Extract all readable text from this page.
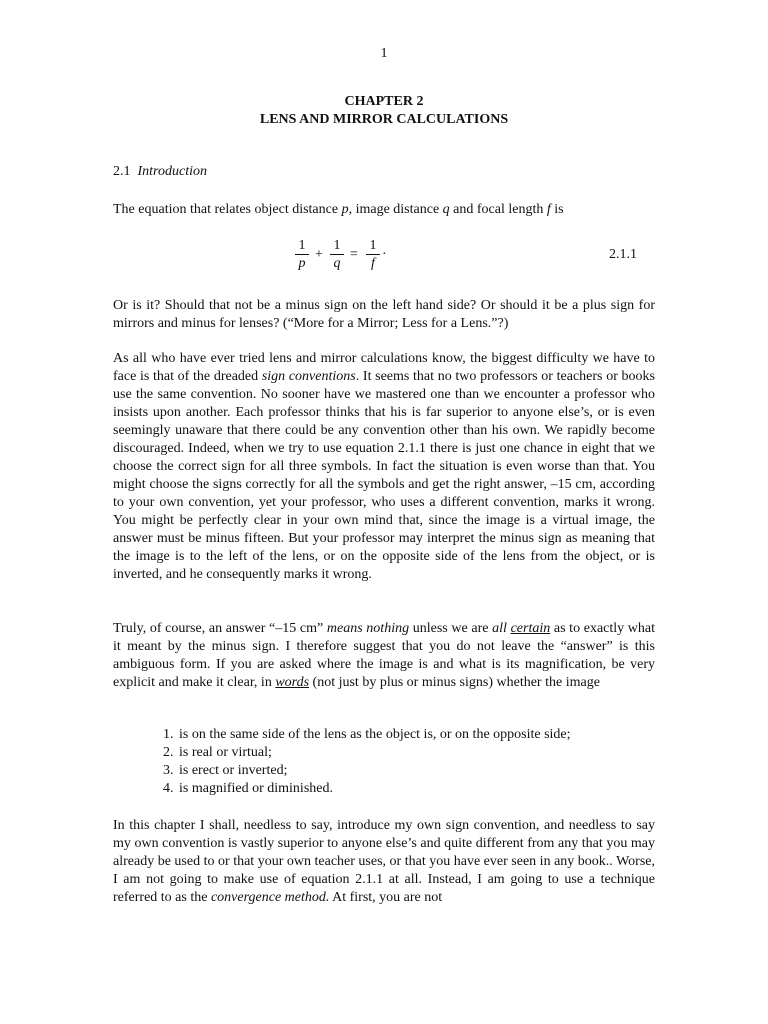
1
CHAPTER 2
LENS AND MIRROR CALCULATIONS
2.1 Introduction
The equation that relates object distance p, image distance q and focal length f is
1
p
+
1
q
=
1
f
·	2.1.1
Or is it? Should that not be a minus sign on the left hand side? Or should it be a plus sign for mirrors and minus for lenses? (“More for a Mirror; Less for a Lens.”?)
As all who have ever tried lens and mirror calculations know, the biggest difficulty we have to face is that of the dreaded sign conventions. It seems that no two professors or teachers or books use the same convention. No sooner have we mastered one than we encounter a professor who insists upon another. Each professor thinks that his is far superior to anyone else’s, or is even seemingly unaware that there could be any convention other than his own. We rapidly become discouraged. Indeed, when we try to use equation 2.1.1 there is just one chance in eight that we choose the correct sign for all three symbols. In fact the situation is even worse than that. You might choose the signs correctly for all the symbols and get the right answer, –15 cm, according to your own convention, yet your professor, who uses a different convention, marks it wrong. You might be perfectly clear in your own mind that, since the image is a virtual image, the answer must be minus fifteen. But your professor may interpret the minus sign as meaning that the image is to the left of the lens, or on the opposite side of the lens from the object, or is inverted, and he consequently marks it wrong.
Truly, of course, an answer “–15 cm” means nothing unless we are all certain as to exactly what it meant by the minus sign. I therefore suggest that you do not leave the “answer” is this ambiguous form. If you are asked where the image is and what is its magnification, be very explicit and make it clear, in words (not just by plus or minus signs) whether the image
1. is on the same side of the lens as the object is, or on the opposite side;
2. is real or virtual;
3. is erect or inverted;
4. is magnified or diminished.
In this chapter I shall, needless to say, introduce my own sign convention, and needless to say my own convention is vastly superior to anyone else’s and quite different from any that you may already be used to or that your own teacher uses, or that you have ever seen in any book.. Worse, I am not going to make use of equation 2.1.1 at all. Instead, I am going to use a technique referred to as the convergence method. At first, you are not
